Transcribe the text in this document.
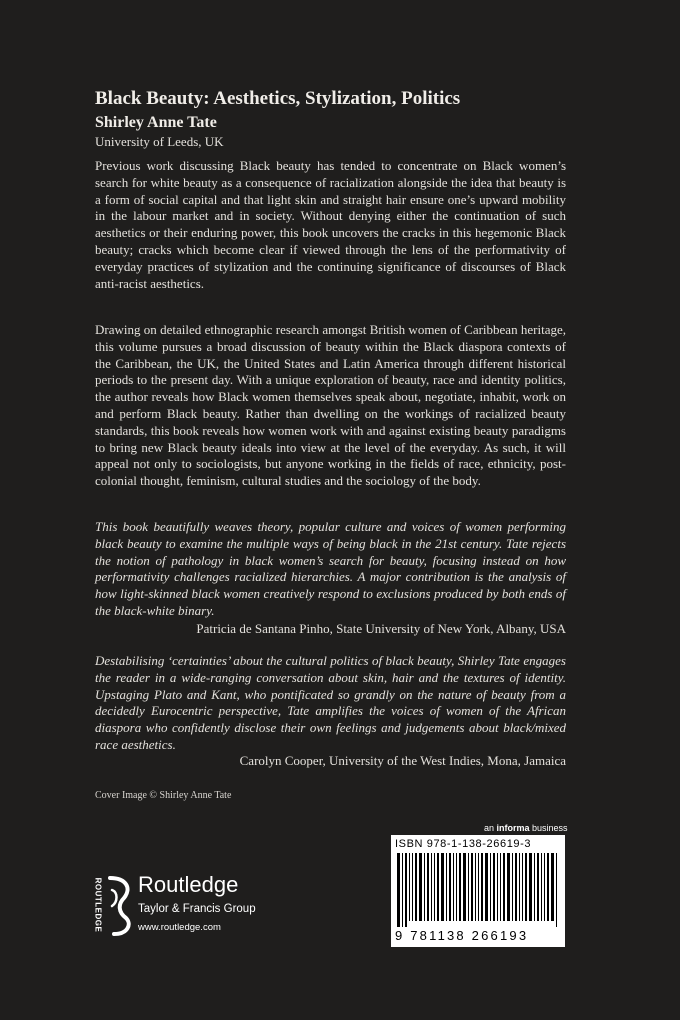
Black Beauty: Aesthetics, Stylization, Politics
Shirley Anne Tate
University of Leeds, UK

Previous work discussing Black beauty has tended to concentrate on Black women’s search for white beauty as a consequence of racialization alongside the idea that beauty is a form of social capital and that light skin and straight hair ensure one’s upward mobility in the labour market and in society. Without denying either the continuation of such aesthetics or their enduring power, this book uncovers the cracks in this hegemonic Black beauty; cracks which become clear if viewed through the lens of the performativity of everyday practices of stylization and the continuing significance of discourses of Black anti-racist aesthetics.

Drawing on detailed ethnographic research amongst British women of Caribbean heritage, this volume pursues a broad discussion of beauty within the Black diaspora contexts of the Caribbean, the UK, the United States and Latin America through different historical periods to the present day. With a unique exploration of beauty, race and identity politics, the author reveals how Black women themselves speak about, negotiate, inhabit, work on and perform Black beauty. Rather than dwelling on the workings of racialized beauty standards, this book reveals how women work with and against existing beauty paradigms to bring new Black beauty ideals into view at the level of the everyday. As such, it will appeal not only to sociologists, but anyone working in the fields of race, ethnicity, post-colonial thought, feminism, cultural studies and the sociology of the body.

This book beautifully weaves theory, popular culture and voices of women performing black beauty to examine the multiple ways of being black in the 21st century. Tate rejects the notion of pathology in black women’s search for beauty, focusing instead on how performativity challenges racialized hierarchies. A major contribution is the analysis of how light-skinned black women creatively respond to exclusions produced by both ends of the black-white binary.

Patricia de Santana Pinho, State University of New York, Albany, USA

Destabilising ‘certainties’ about the cultural politics of black beauty, Shirley Tate engages the reader in a wide-ranging conversation about skin, hair and the textures of identity. Upstaging Plato and Kant, who pontificated so grandly on the nature of beauty from a decidedly Eurocentric perspective, Tate amplifies the voices of women of the African diaspora who confidently disclose their own feelings and judgements about black/mixed race aesthetics.

Carolyn Cooper, University of the West Indies, Mona, Jamaica
Cover Image © Shirley Anne Tate
an informa business
ISBN 978-1-138-26619-3
9 781138 266193
ROUTLEDGE Routledge
Taylor & Francis Group
www.routledge.com
